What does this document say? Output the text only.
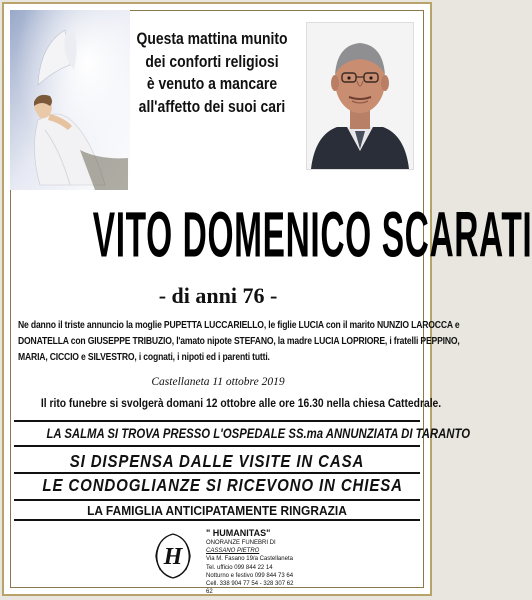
Questa mattina munito
dei conforti religiosi
è venuto a mancare
all'affetto dei suoi cari
VITO DOMENICO SCARATI
- di anni 76 -
Ne danno il triste annuncio la moglie PUPETTA LUCCARIELLO, le figlie LUCIA con il marito NUNZIO LAROCCA e
DONATELLA con GIUSEPPE TRIBUZIO, l'amato nipote STEFANO, la madre LUCIA LOPRIORE, i fratelli PEPPINO,
MARIA, CICCIO e SILVESTRO, i cognati, i nipoti ed i parenti tutti.
Castellaneta 11 ottobre 2019
Il rito funebre si svolgerà domani 12 ottobre alle ore 16.30 nella chiesa Cattedrale.
LA SALMA SI TROVA PRESSO L'OSPEDALE SS.ma ANNUNZIATA DI TARANTO
SI DISPENSA DALLE VISITE IN CASA
LE CONDOGLIANZE SI RICEVONO IN CHIESA
LA FAMIGLIA ANTICIPATAMENTE RINGRAZIA
H
" HUMANITAS"
ONORANZE FUNEBRI DI
CASSANO PIETRO
Via M. Fasano 19/a Castellaneta
Tel. ufficio 099 844 22 14
Notturno e festivo 099 844 73 64
Cell. 338 904 77 54 - 328 307 62 62
